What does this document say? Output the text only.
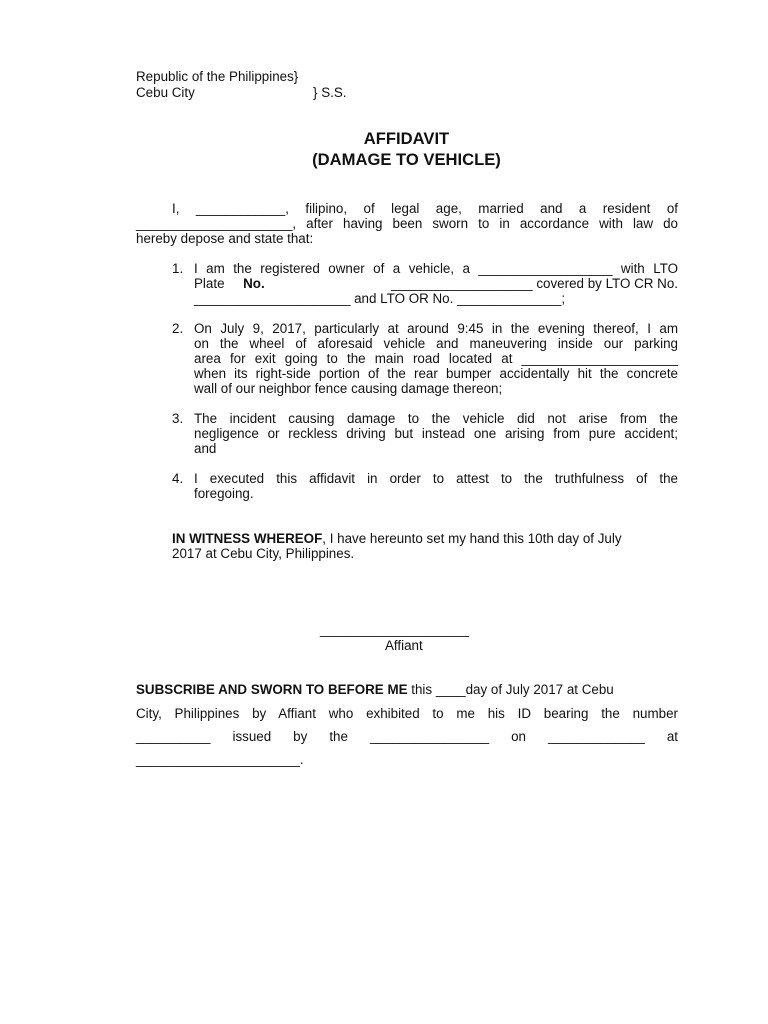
Republic of the Philippines}
Cebu City	} S.S.
AFFIDAVIT
(DAMAGE TO VEHICLE)
I, ____________, filipino, of legal age, married and a resident of
_____________________, after having been sworn to in accordance with law do
hereby depose and state that:
1. I am the registered owner of a vehicle, a __________________ with LTO
Plate No.	___________________ covered by LTO CR No.
_____________________ and LTO OR No. ______________;
2. On July 9, 2017, particularly at around 9:45 in the evening thereof, I am
on the wheel of aforesaid vehicle and maneuvering inside our parking
area for exit going to the main road located at _____________________
when its right-side portion of the rear bumper accidentally hit the concrete
wall of our neighbor fence causing damage thereon;
3. The incident causing damage to the vehicle did not arise from the
negligence or reckless driving but instead one arising from pure accident;
and
4. I executed this affidavit in order to attest to the truthfulness of the
foregoing.
IN WITNESS WHEREOF, I have hereunto set my hand this 10th day of July
2017 at Cebu City, Philippines.
____________________
Affiant
SUBSCRIBE AND SWORN TO BEFORE ME this ____day of July 2017 at Cebu
City, Philippines by Affiant who exhibited to me his ID bearing the number
__________ issued by the ________________ on _____________ at
______________________.
